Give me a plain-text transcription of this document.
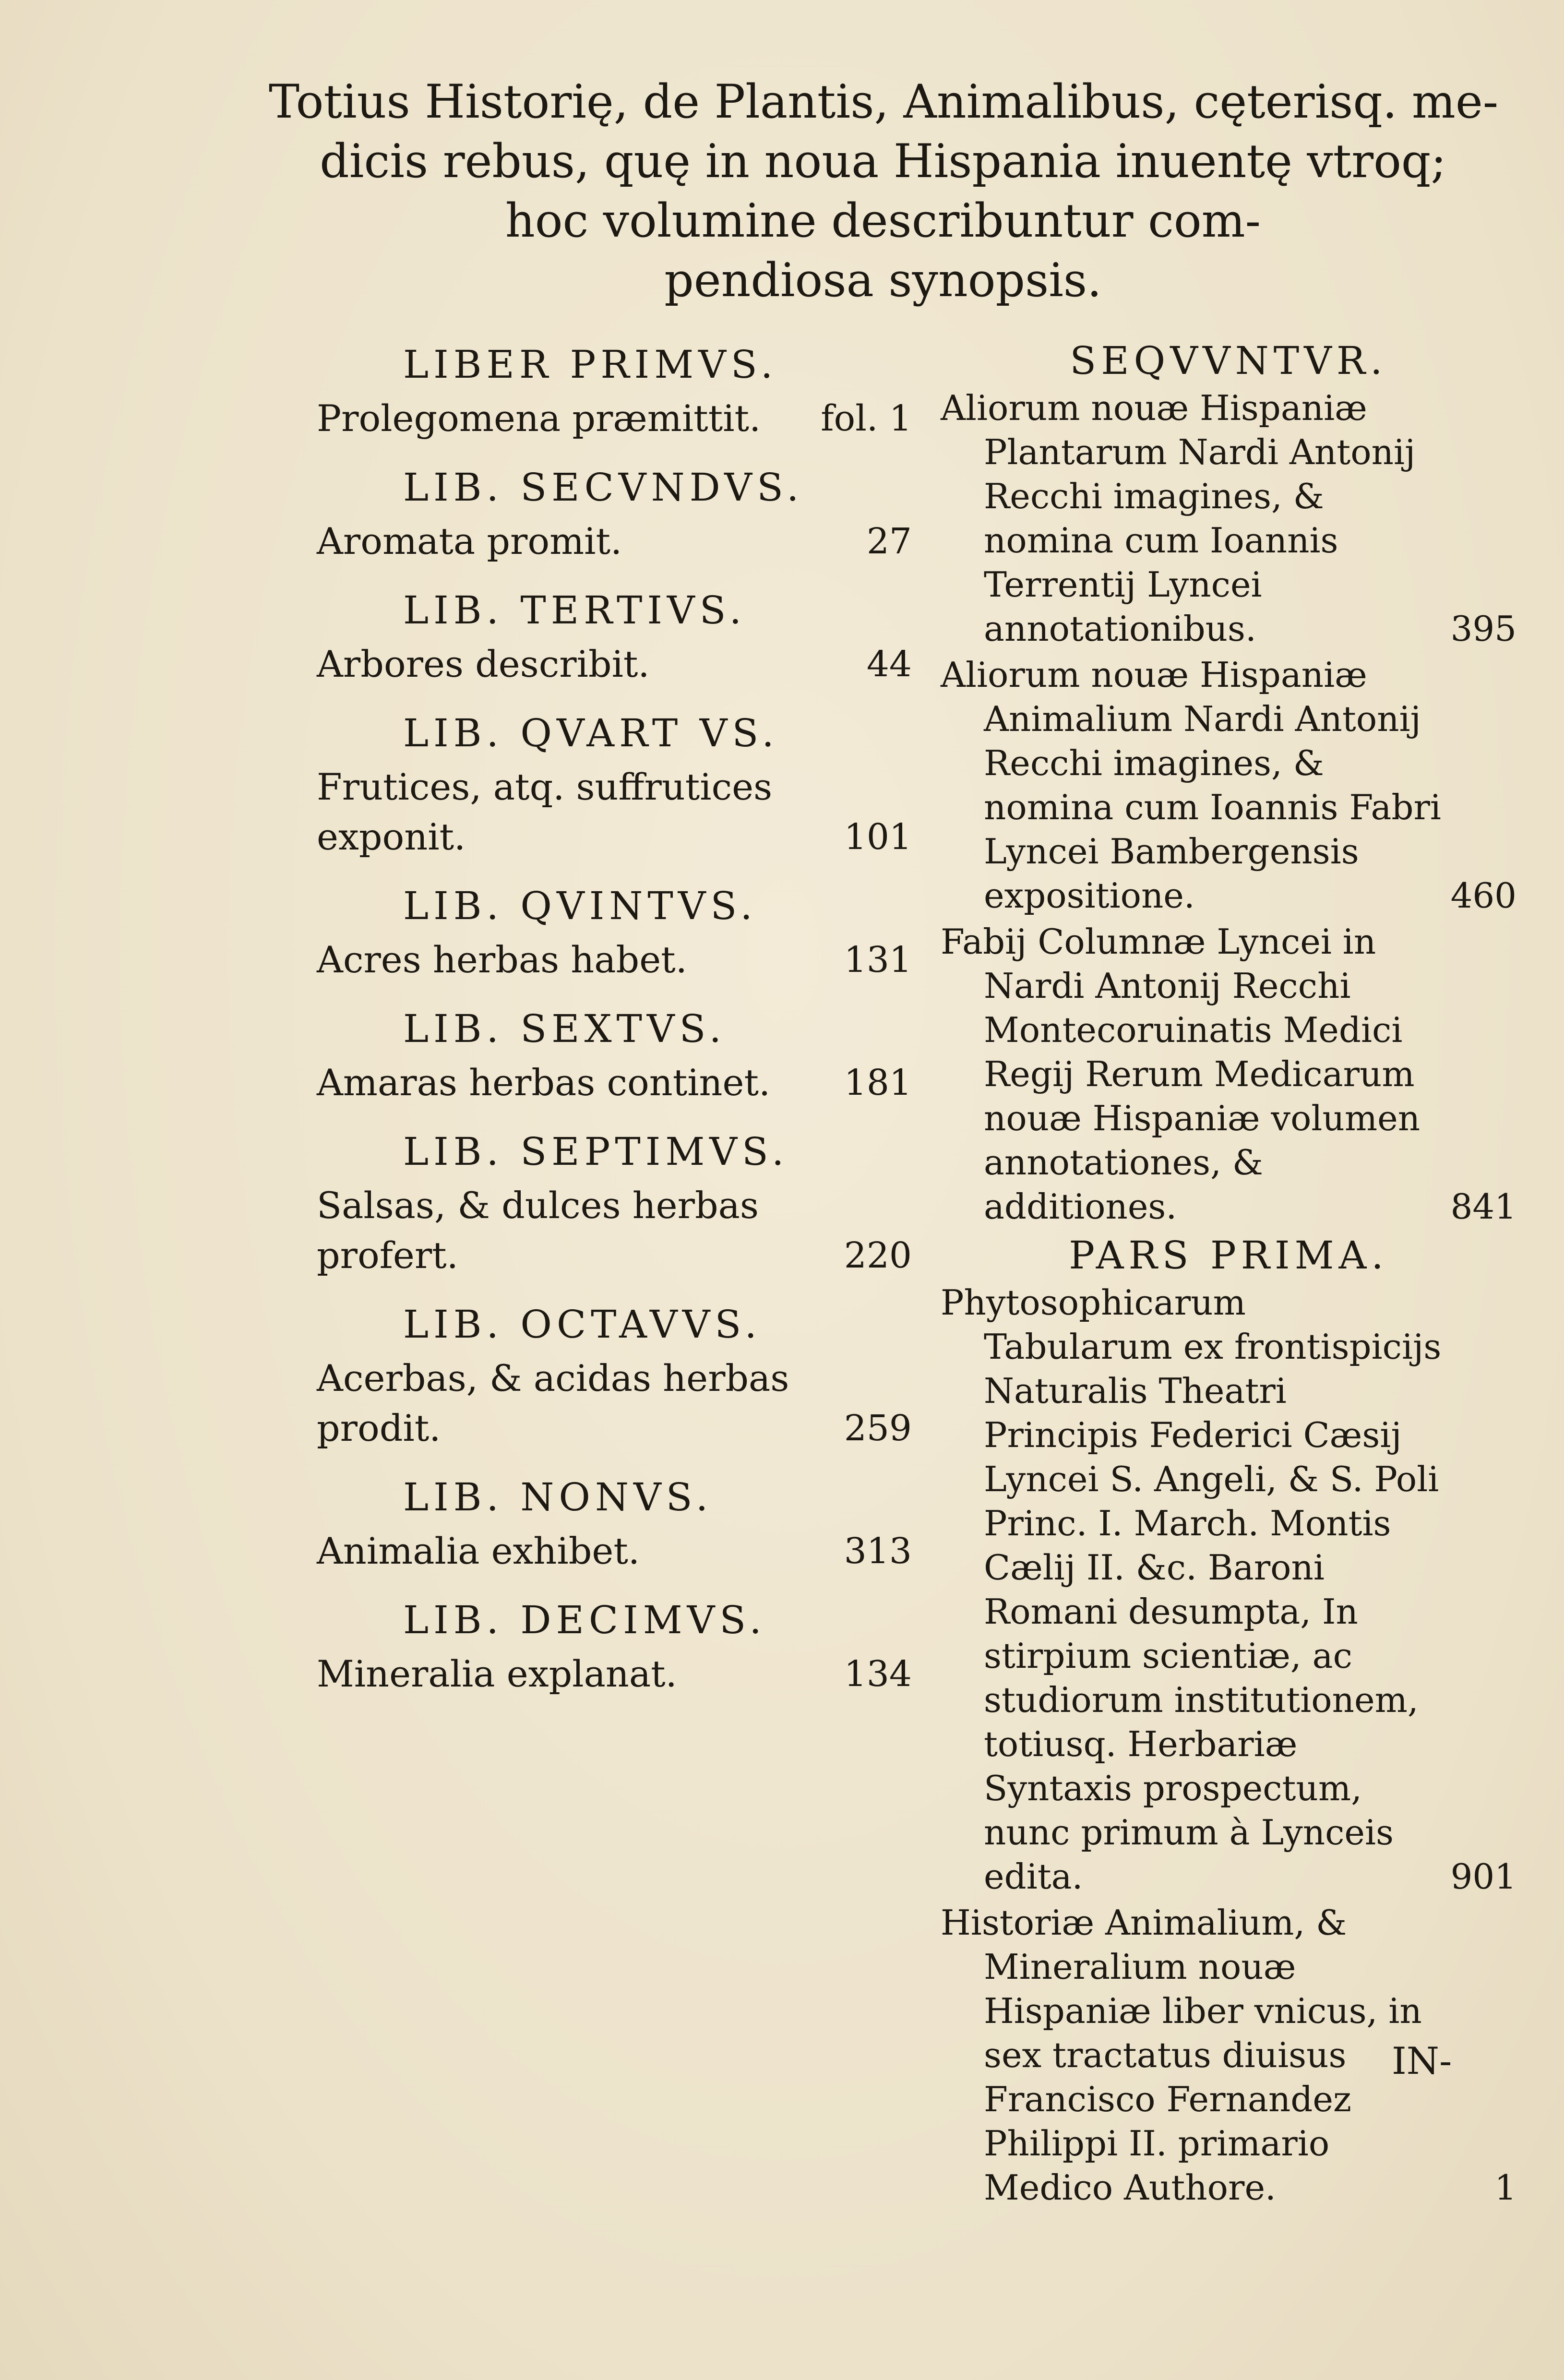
Totius Historię, de Plantis, Animalibus, cęterisq. me-
dicis rebus, quę in noua Hispania inuentę vtroq;
hoc volumine describuntur com-
pendiosa synopsis.
LIBER PRIMVS.
Prolegomena præmittit.	fol. 1
LIB. SECVNDVS.
Aromata promit.	27
LIB. TERTIVS.
Arbores describit.	44
LIB. QVART VS.
Frutices, atq. suffrutices exponit.	101
LIB. QVINTVS.
Acres herbas habet.	131
LIB. SEXTVS.
Amaras herbas continet.	181
LIB. SEPTIMVS.
Salsas, & dulces herbas profert.	220
LIB. OCTAVVS.
Acerbas, & acidas herbas prodit.	259
LIB. NONVS.
Animalia exhibet.	313
LIB. DECIMVS.
Mineralia explanat.	134
SEQVVNTVR.
Aliorum nouæ Hispaniæ Plantarum Nardi Antonij Recchi imagines, & nomina cum Ioannis Terrentij Lyncei annotationibus.	395
Aliorum nouæ Hispaniæ Animalium Nardi Antonij Recchi imagines, & nomina cum Ioannis Fabri Lyncei Bambergensis expositione.	460
Fabij Columnæ Lyncei in Nardi Antonij Recchi Montecoruinatis Medici Regij Rerum Medicarum nouæ Hispaniæ volumen annotationes, & additiones.	841
PARS PRIMA.
Phytosophicarum Tabularum ex frontispicijs Naturalis Theatri Principis Federici Cæsij Lyncei S. Angeli, & S. Poli Princ. I. March. Montis Cælij II. &c. Baroni Romani desumpta, In stirpium scientiæ, ac studiorum institutionem, totiusq. Herbariæ Syntaxis prospectum, nunc primum à Lynceis edita.	901
Historiæ Animalium, & Mineralium nouæ Hispaniæ liber vnicus, in sex tractatus diuisus Francisco Fernandez Philippi II. primario Medico Authore.	1
IN-
